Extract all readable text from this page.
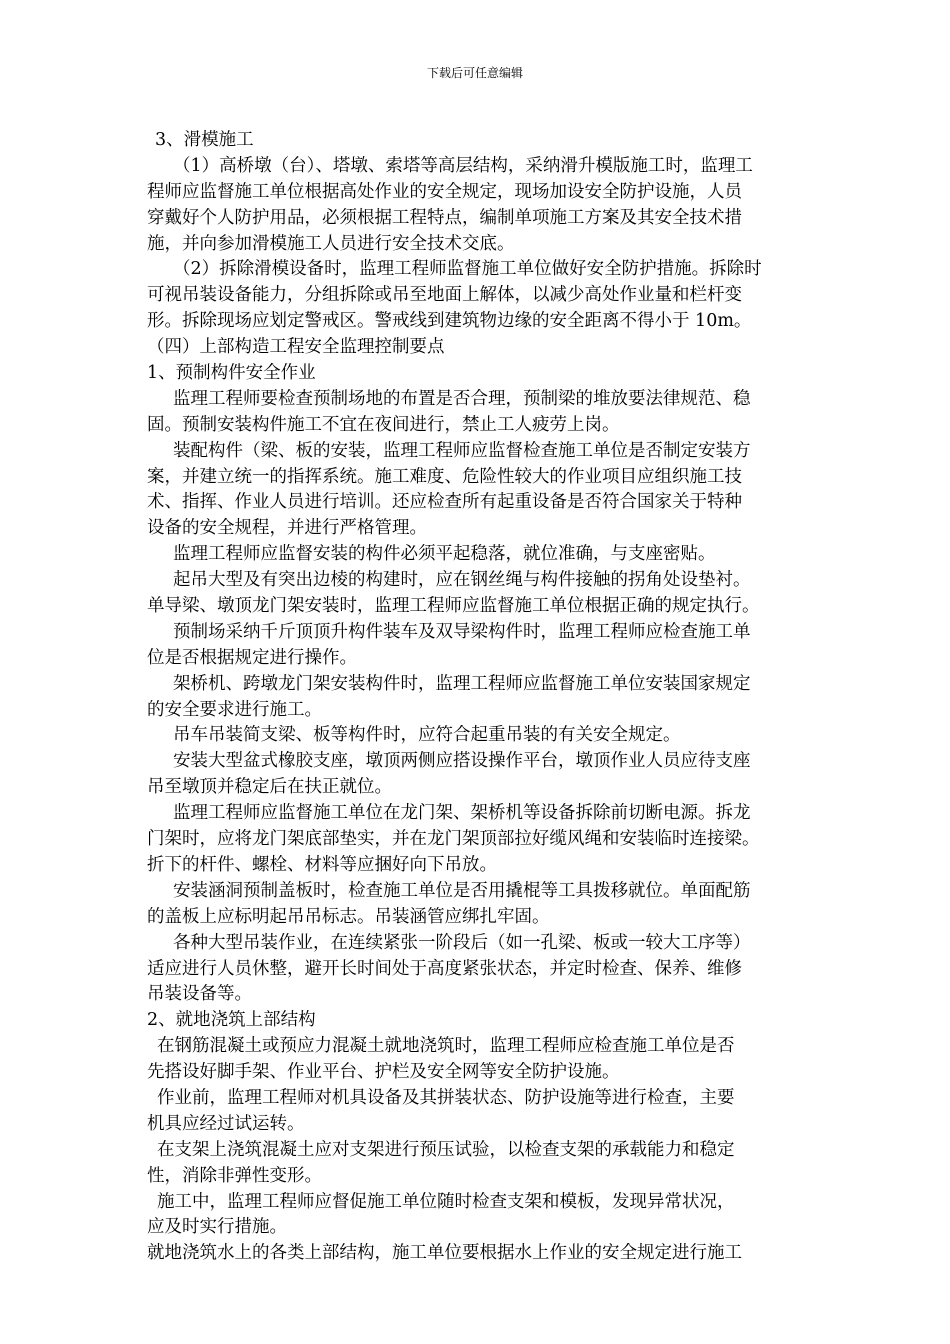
下载后可任意编辑
3、滑模施工
（1）高桥墩（台）、塔墩、索塔等高层结构，采纳滑升模版施工时，监理工
程师应监督施工单位根据高处作业的安全规定，现场加设安全防护设施，人员
穿戴好个人防护用品，必须根据工程特点，编制单项施工方案及其安全技术措
施，并向参加滑模施工人员进行安全技术交底。
（2）拆除滑模设备时，监理工程师监督施工单位做好安全防护措施。拆除时
可视吊装设备能力，分组拆除或吊至地面上解体，以减少高处作业量和栏杆变
形。拆除现场应划定警戒区。警戒线到建筑物边缘的安全距离不得小于 10m。
（四）上部构造工程安全监理控制要点
1、预制构件安全作业
监理工程师要检查预制场地的布置是否合理，预制梁的堆放要法律规范、稳
固。预制安装构件施工不宜在夜间进行，禁止工人疲劳上岗。
装配构件（梁、板的安装，监理工程师应监督检查施工单位是否制定安装方
案，并建立统一的指挥系统。施工难度、危险性较大的作业项目应组织施工技
术、指挥、作业人员进行培训。还应检查所有起重设备是否符合国家关于特种
设备的安全规程，并进行严格管理。
监理工程师应监督安装的构件必须平起稳落，就位准确，与支座密贴。
起吊大型及有突出边棱的构建时，应在钢丝绳与构件接触的拐角处设垫衬。
单导梁、墩顶龙门架安装时，监理工程师应监督施工单位根据正确的规定执行。
预制场采纳千斤顶顶升构件装车及双导梁构件时，监理工程师应检查施工单
位是否根据规定进行操作。
架桥机、跨墩龙门架安装构件时，监理工程师应监督施工单位安装国家规定
的安全要求进行施工。
吊车吊装简支梁、板等构件时，应符合起重吊装的有关安全规定。
安装大型盆式橡胶支座，墩顶两侧应搭设操作平台，墩顶作业人员应待支座
吊至墩顶并稳定后在扶正就位。
监理工程师应监督施工单位在龙门架、架桥机等设备拆除前切断电源。拆龙
门架时，应将龙门架底部垫实，并在龙门架顶部拉好缆风绳和安装临时连接梁。
折下的杆件、螺栓、材料等应捆好向下吊放。
安装涵洞预制盖板时，检查施工单位是否用撬棍等工具拨移就位。单面配筋
的盖板上应标明起吊吊标志。吊装涵管应绑扎牢固。
各种大型吊装作业，在连续紧张一阶段后（如一孔梁、板或一较大工序等）
适应进行人员休整，避开长时间处于高度紧张状态，并定时检查、保养、维修
吊装设备等。
2、就地浇筑上部结构
在钢筋混凝土或预应力混凝土就地浇筑时，监理工程师应检查施工单位是否
先搭设好脚手架、作业平台、护栏及安全网等安全防护设施。
作业前，监理工程师对机具设备及其拼装状态、防护设施等进行检查，主要
机具应经过试运转。
在支架上浇筑混凝土应对支架进行预压试验，以检查支架的承载能力和稳定
性，消除非弹性变形。
施工中，监理工程师应督促施工单位随时检查支架和模板，发现异常状况，
应及时实行措施。
就地浇筑水上的各类上部结构，施工单位要根据水上作业的安全规定进行施工
